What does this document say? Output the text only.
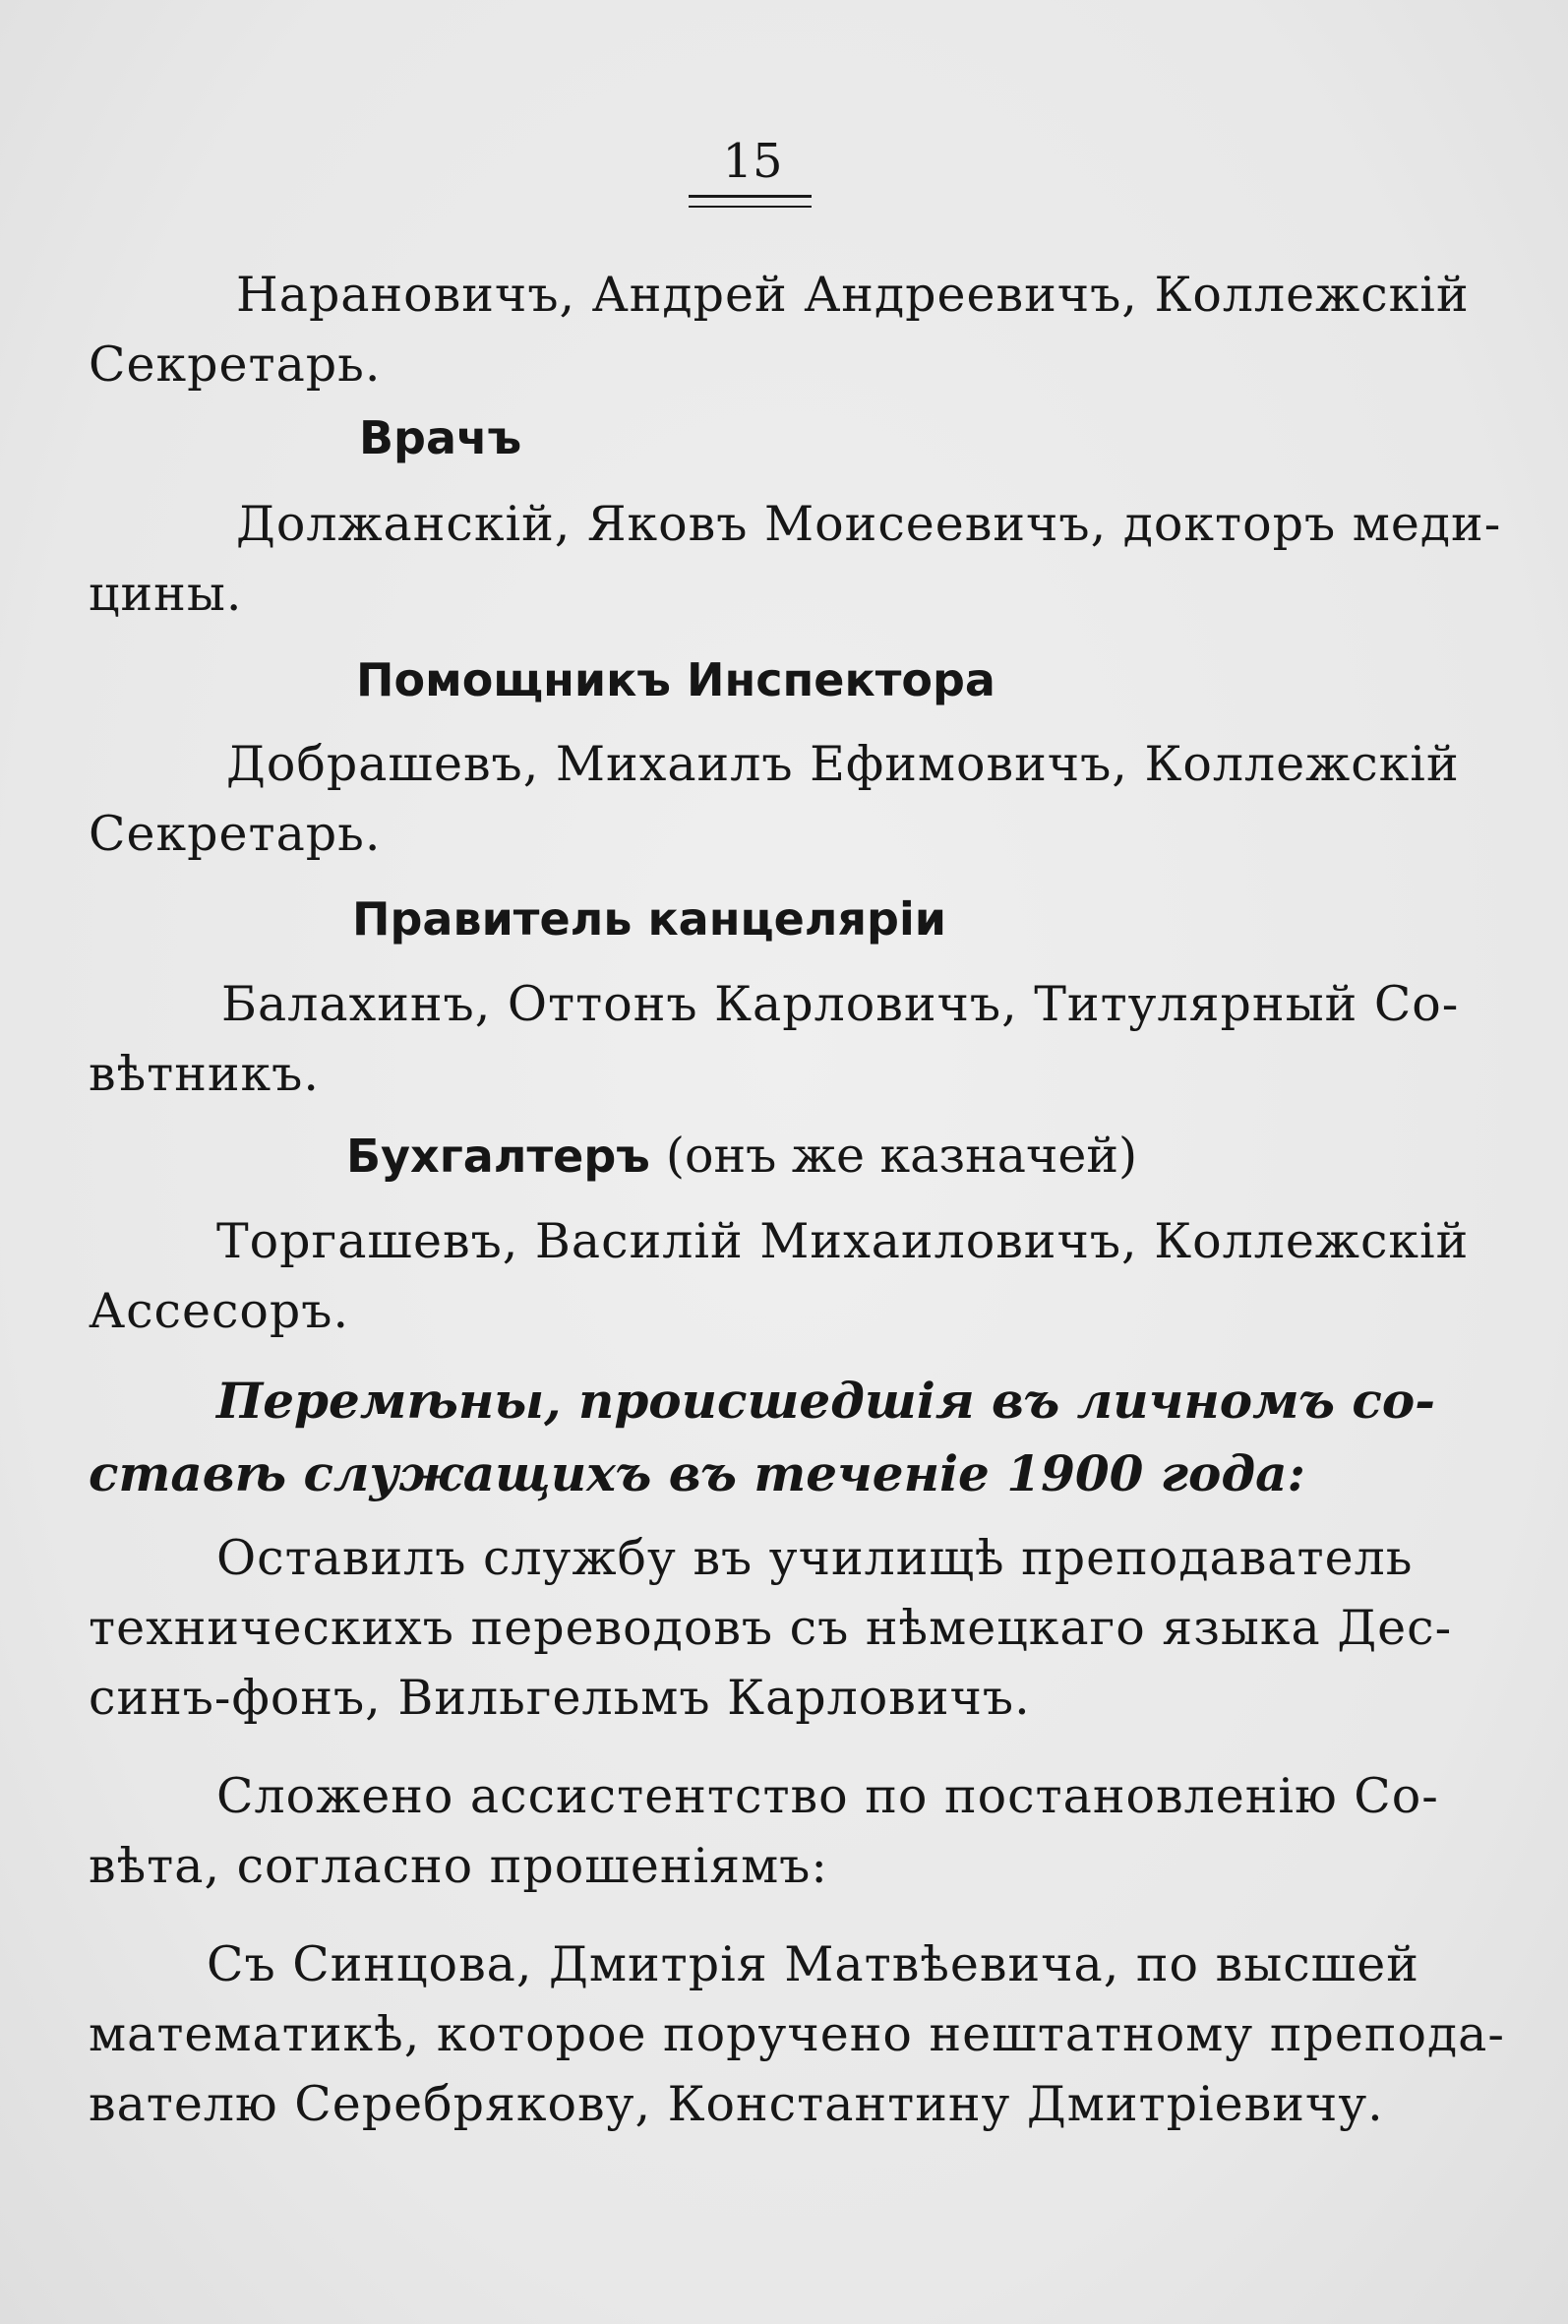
15

Нарановичъ, Андрей Андреевичъ, Коллежскій
Секретарь.

Врачъ

Должанскій, Яковъ Моисеевичъ, докторъ меди-
цины.

Помощникъ Инспектора

Добрашевъ, Михаилъ Ефимовичъ, Коллежскій
Секретарь.

Правитель канцеляріи

Балахинъ, Оттонъ Карловичъ, Титулярный Со-
вѣтникъ.

Бухгалтеръ (онъ же казначей)

Торгашевъ, Василій Михаиловичъ, Коллежскій
Ассесоръ.

Перемѣны, происшедшія въ личномъ со-
ставѣ служащихъ въ теченіе 1900 года:

Оставилъ службу въ училищѣ преподаватель
техническихъ переводовъ съ нѣмецкаго языка Дес-
синъ-фонъ, Вильгельмъ Карловичъ.

Сложено ассистентство по постановленію Со-
вѣта, согласно прошеніямъ:

Съ Синцова, Дмитрія Матвѣевича, по высшей
математикѣ, которое поручено нештатному препода-
вателю Серебрякову, Константину Дмитріевичу.
